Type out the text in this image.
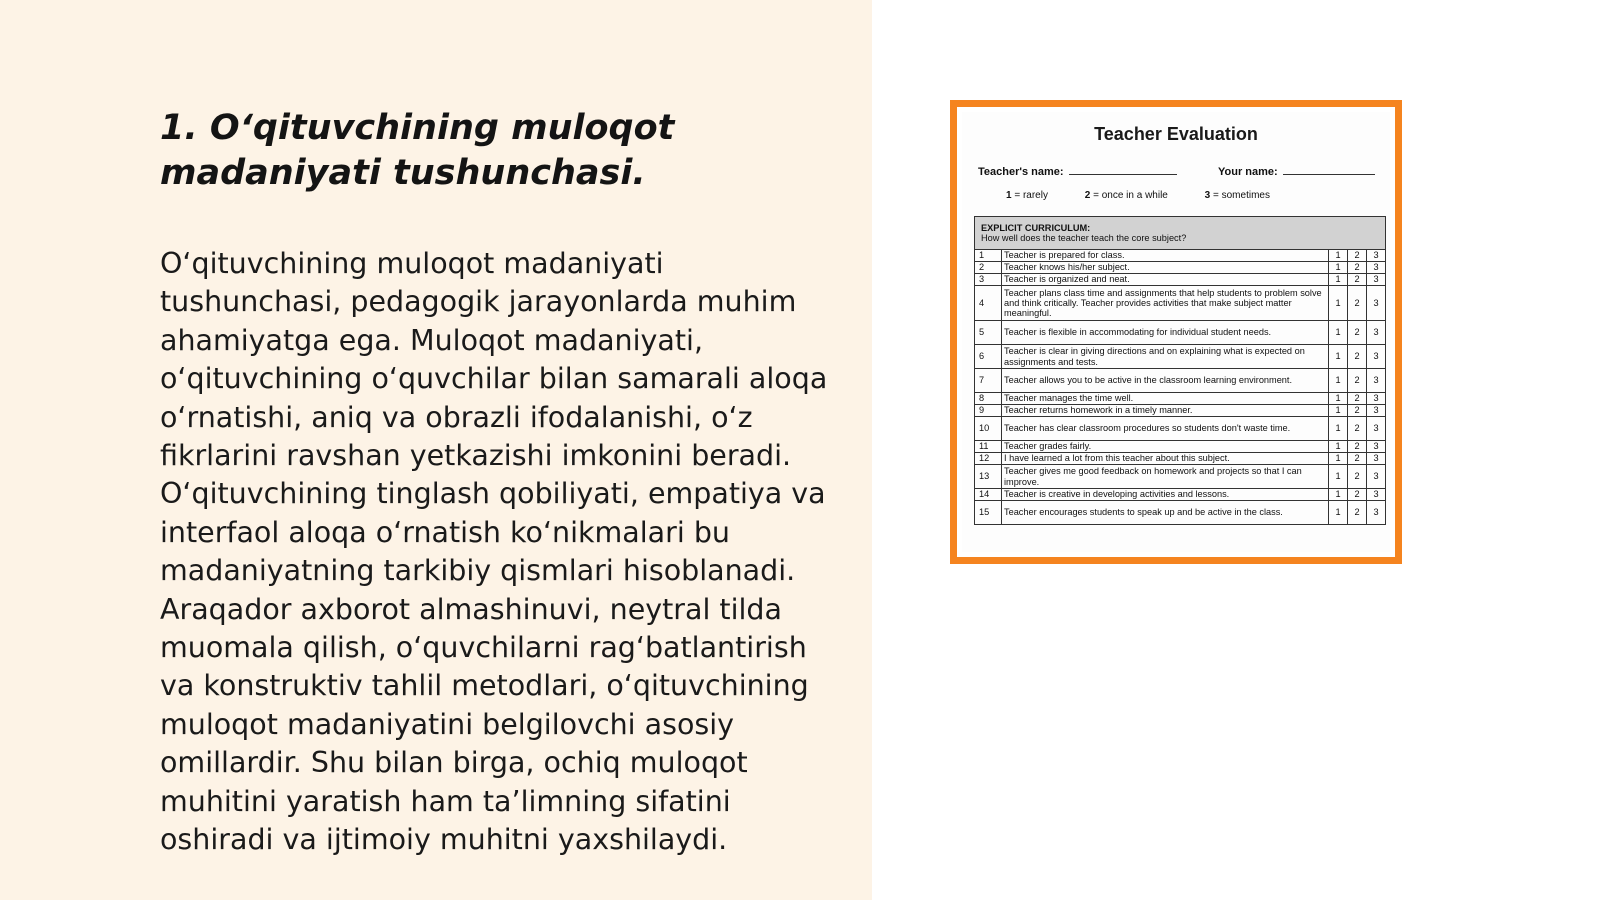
1. O‘qituvchining muloqot madaniyati tushunchasi.

O‘qituvchining muloqot madaniyati tushunchasi, pedagogik jarayonlarda muhim ahamiyatga ega. Muloqot madaniyati, o‘qituvchining o‘quvchilar bilan samarali aloqa o‘rnatishi, aniq va obrazli ifodalanishi, o‘z fikrlarini ravshan yetkazishi imkonini beradi. O‘qituvchining tinglash qobiliyati, empatiya va interfaol aloqa o‘rnatish ko‘nikmalari bu madaniyatning tarkibiy qismlari hisoblanadi. Araqador axborot almashinuvi, neytral tilda muomala qilish, o‘quvchilarni rag‘batlantirish va konstruktiv tahlil metodlari, o‘qituvchining muloqot madaniyatini belgilovchi asosiy omillardir. Shu bilan birga, ochiq muloqot muhitini yaratish ham ta’limning sifatini oshiradi va ijtimoiy muhitni yaxshilaydi.

Teacher Evaluation
Teacher's name:	Your name:
1 = rarely	2 = once in a while	3 = sometimes
EXPLICIT CURRICULUM:
How well does the teacher teach the core subject?				
1	Teacher is prepared for class.	1	2	3
2	Teacher knows his/her subject.	1	2	3
3	Teacher is organized and neat.	1	2	3
4	Teacher plans class time and assignments that help students to problem solve and think critically. Teacher provides activities that make subject matter meaningful.	1	2	3
5	Teacher is flexible in accommodating for individual student needs.	1	2	3
6	Teacher is clear in giving directions and on explaining what is expected on assignments and tests.	1	2	3
7	Teacher allows you to be active in the classroom learning environment.	1	2	3
8	Teacher manages the time well.	1	2	3
9	Teacher returns homework in a timely manner.	1	2	3
10	Teacher has clear classroom procedures so students don't waste time.	1	2	3
11	Teacher grades fairly.	1	2	3
12	I have learned a lot from this teacher about this subject.	1	2	3
13	Teacher gives me good feedback on homework and projects so that I can improve.	1	2	3
14	Teacher is creative in developing activities and lessons.	1	2	3
15	Teacher encourages students to speak up and be active in the class.	1	2	3
